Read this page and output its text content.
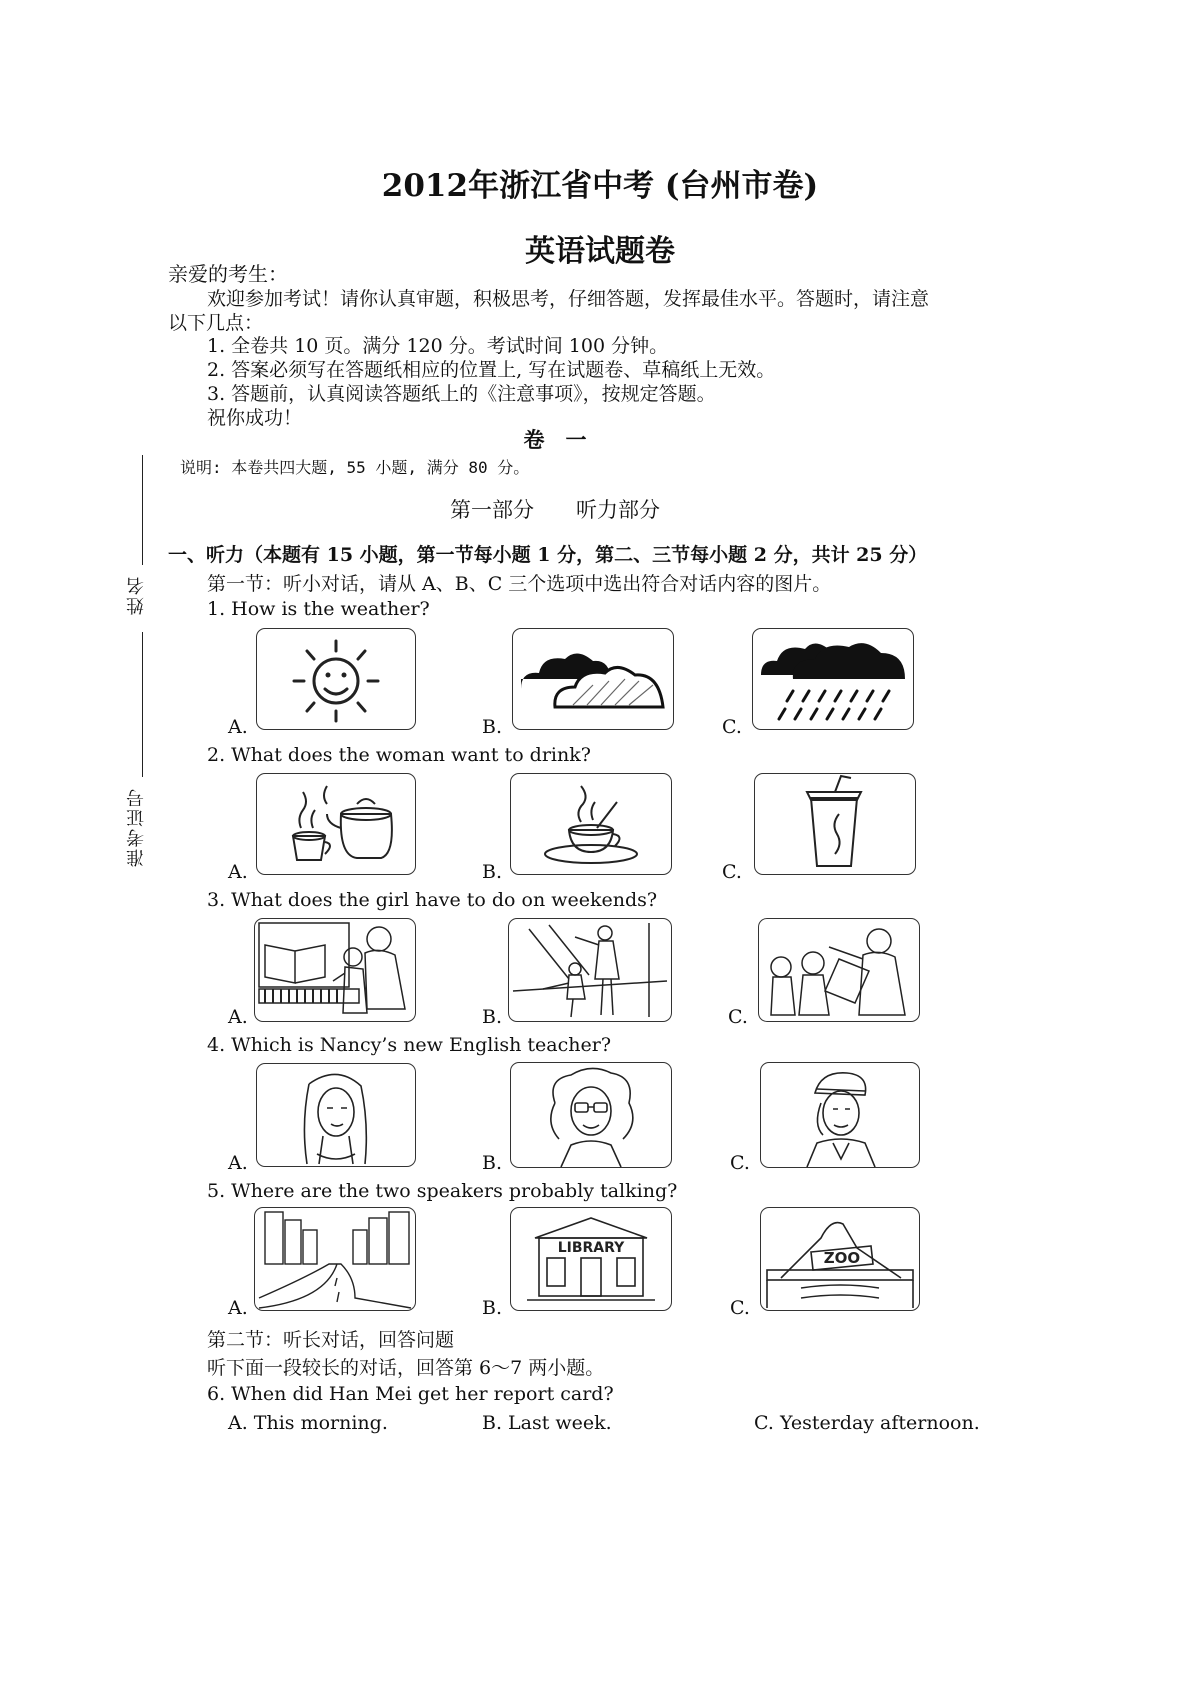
2012年浙江省中考 (台州市卷)
英语试题卷
亲爱的考生：
欢迎参加考试！请你认真审题，积极思考，仔细答题，发挥最佳水平。答题时，请注意
以下几点：
1. 全卷共 10 页。满分 120 分。考试时间 100 分钟。
2. 答案必须写在答题纸相应的位置上, 写在试题卷、草稿纸上无效。
3. 答题前，认真阅读答题纸上的《注意事项》，按规定答题。
祝你成功！
卷　一
说明: 本卷共四大题, 55 小题, 满分 80 分。
第一部分　　听力部分
一、听力（本题有 15 小题，第一节每小题 1 分，第二、三节每小题 2 分，共计 25 分）
第一节：听小对话，请从 A、B、C 三个选项中选出符合对话内容的图片。
姓名
准考证号
1. How is the weather?
A.	B.	C.
2. What does the woman want to drink?
A.	B.	C.
3. What does the girl have to do on weekends?
A.	B.	C.
4. Which is Nancy’s new English teacher?
A.	B.	C.
5. Where are the two speakers probably talking?
A.	B.
LIBRARY
C.
ZOO
第二节：听长对话，回答问题
听下面一段较长的对话，回答第 6～7 两小题。
6. When did Han Mei get her report card?
A. This morning.	B. Last week.	C. Yesterday afternoon.
